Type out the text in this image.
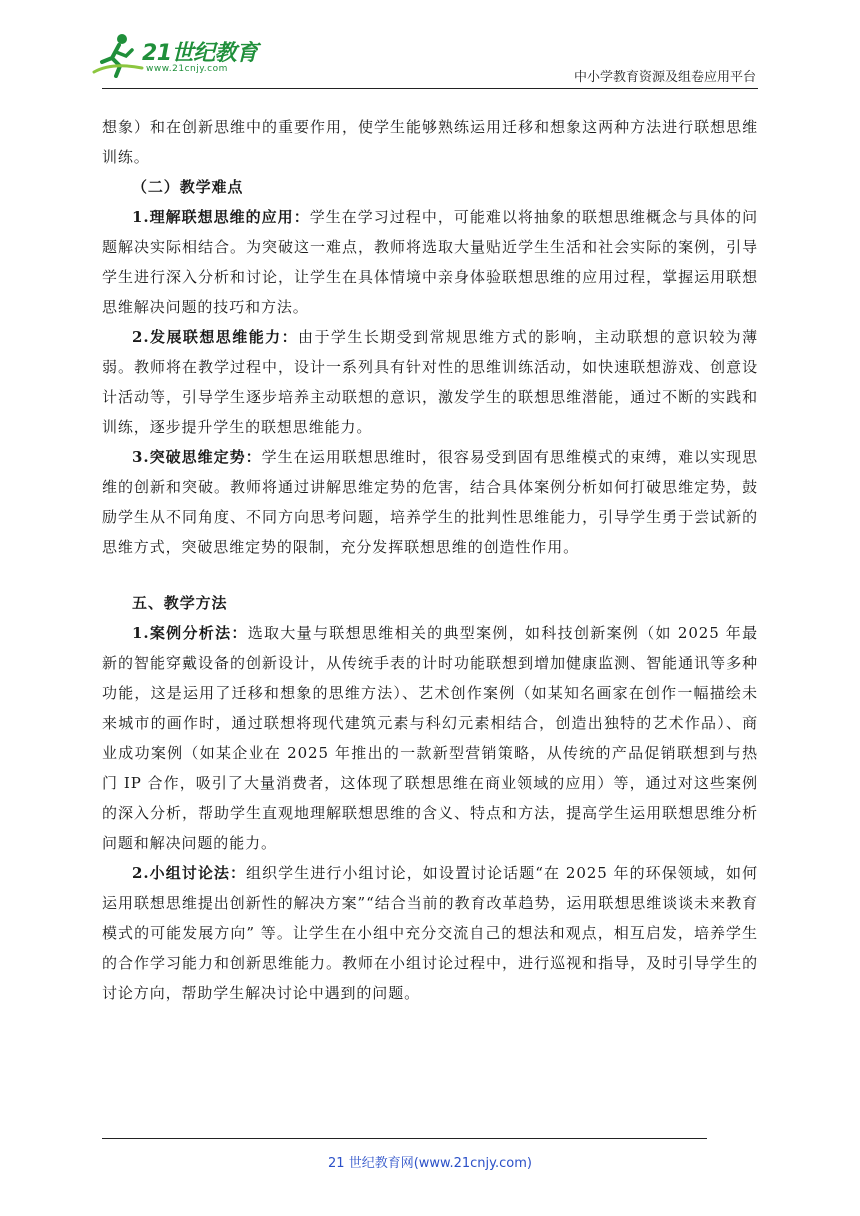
21世纪教育
www.21cnjy.com
中小学教育资源及组卷应用平台

想象）和在创新思维中的重要作用，使学生能够熟练运用迁移和想象这两种方法进行联想思维训练。

（二）教学难点

1.理解联想思维的应用：学生在学习过程中，可能难以将抽象的联想思维概念与具体的问题解决实际相结合。为突破这一难点，教师将选取大量贴近学生生活和社会实际的案例，引导学生进行深入分析和讨论，让学生在具体情境中亲身体验联想思维的应用过程，掌握运用联想思维解决问题的技巧和方法。

2.发展联想思维能力：由于学生长期受到常规思维方式的影响，主动联想的意识较为薄弱。教师将在教学过程中，设计一系列具有针对性的思维训练活动，如快速联想游戏、创意设计活动等，引导学生逐步培养主动联想的意识，激发学生的联想思维潜能，通过不断的实践和训练，逐步提升学生的联想思维能力。

3.突破思维定势：学生在运用联想思维时，很容易受到固有思维模式的束缚，难以实现思维的创新和突破。教师将通过讲解思维定势的危害，结合具体案例分析如何打破思维定势，鼓励学生从不同角度、不同方向思考问题，培养学生的批判性思维能力，引导学生勇于尝试新的思维方式，突破思维定势的限制，充分发挥联想思维的创造性作用。

五、教学方法

1.案例分析法：选取大量与联想思维相关的典型案例，如科技创新案例（如 2025 年最新的智能穿戴设备的创新设计，从传统手表的计时功能联想到增加健康监测、智能通讯等多种功能，这是运用了迁移和想象的思维方法）、艺术创作案例（如某知名画家在创作一幅描绘未来城市的画作时，通过联想将现代建筑元素与科幻元素相结合，创造出独特的艺术作品）、商业成功案例（如某企业在 2025 年推出的一款新型营销策略，从传统的产品促销联想到与热门 IP 合作，吸引了大量消费者，这体现了联想思维在商业领域的应用）等，通过对这些案例的深入分析，帮助学生直观地理解联想思维的含义、特点和方法，提高学生运用联想思维分析问题和解决问题的能力。

2.小组讨论法：组织学生进行小组讨论，如设置讨论话题“在 2025 年的环保领域，如何运用联想思维提出创新性的解决方案”“结合当前的教育改革趋势，运用联想思维谈谈未来教育模式的可能发展方向” 等。让学生在小组中充分交流自己的想法和观点，相互启发，培养学生的合作学习能力和创新思维能力。教师在小组讨论过程中，进行巡视和指导，及时引导学生的讨论方向，帮助学生解决讨论中遇到的问题。

21 世纪教育网(www.21cnjy.com)
